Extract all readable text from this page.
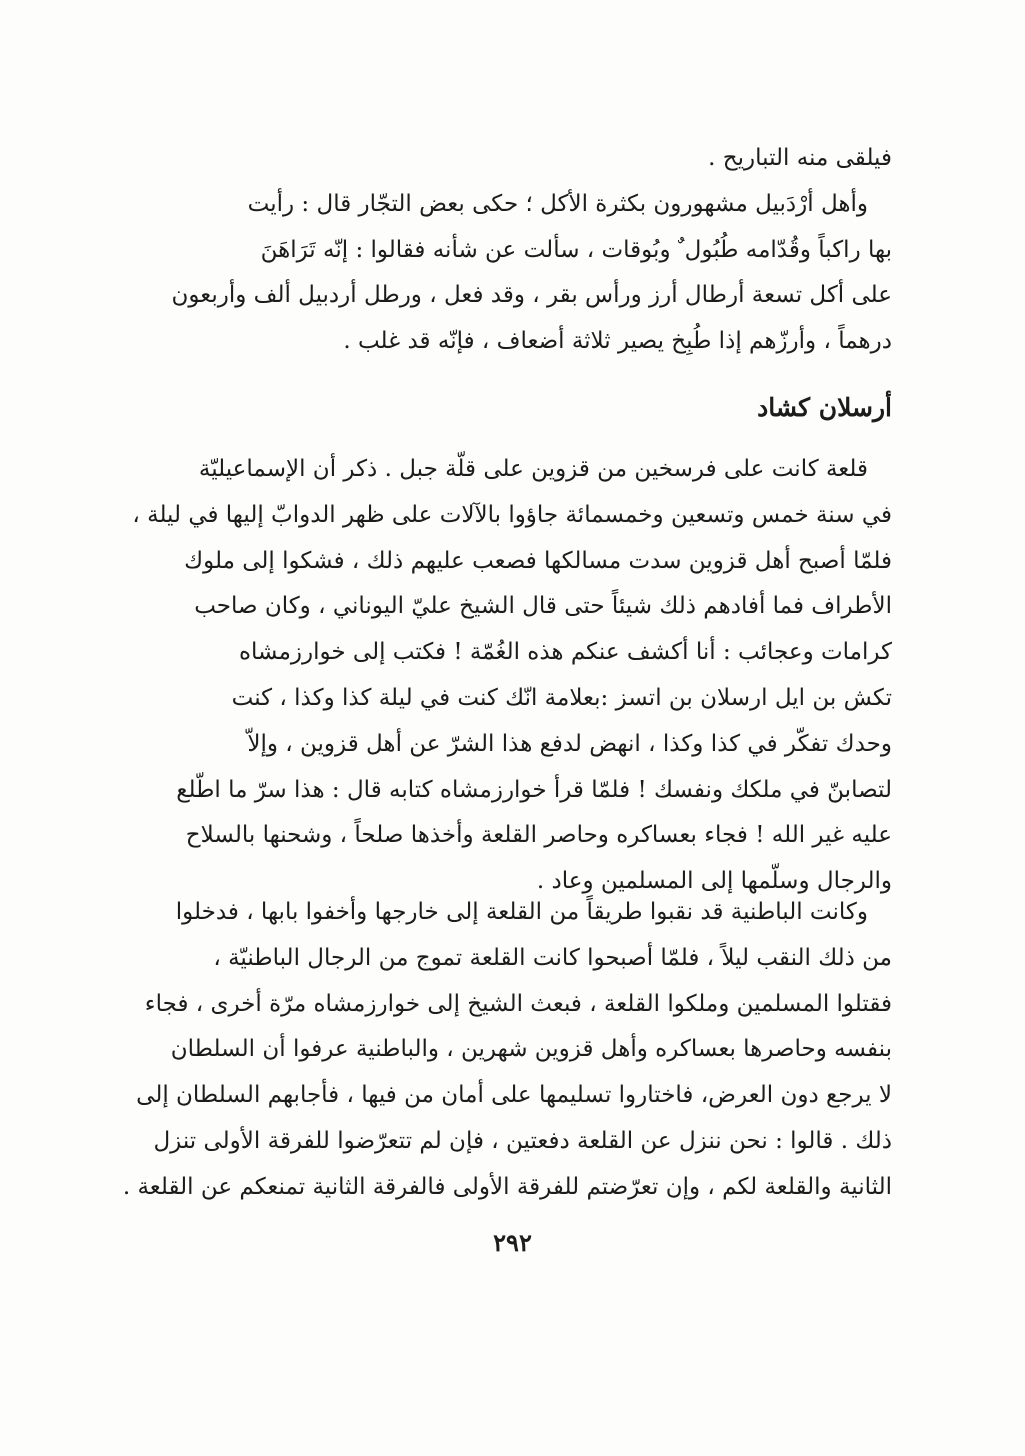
فيلقى منه التباريح .
وأهل أرْدَبيل مشهورون بكثرة الأكل ؛ حكى بعض التجّار قال : رأيت
بها راكباً وقُدّامه طُبُول ٌ وبُوقات ، سألت عن شأنه فقالوا : إنّه تَرَاهَنَ
على أكل تسعة أرطال أرز ورأس بقر ، وقد فعل ، ورطل أردبيل ألف وأربعون
درهماً ، وأرزّهم إذا طُبِخ يصير ثلاثة أضعاف ، فإنّه قد غلب .
أرسلان كشاد
قلعة كانت على فرسخين من قزوين على قلّة جبل . ذكر أن الإسماعيليّة
في سنة خمس وتسعين وخمسمائة جاؤوا بالآلات على ظهر الدوابّ إليها في ليلة ،
فلمّا أصبح أهل قزوين سدت مسالكها فصعب عليهم ذلك ، فشكوا إلى ملوك
الأطراف فما أفادهم ذلك شيئاً حتى قال الشيخ عليّ اليوناني ، وكان صاحب
كرامات وعجائب : أنا أكشف عنكم هذه الغُمّة ! فكتب إلى خوارزمشاه
تكش بن ايل ارسلان بن اتسز :بعلامة انّك كنت في ليلة كذا وكذا ، كنت
وحدك تفكّر في كذا وكذا ، انهض لدفع هذا الشرّ عن أهل قزوين ، وإلاّ
لتصابنّ في ملكك ونفسك ! فلمّا قرأ خوارزمشاه كتابه قال : هذا سرّ ما اطّلع
عليه غير الله ! فجاء بعساكره وحاصر القلعة وأخذها صلحاً ، وشحنها بالسلاح
والرجال وسلّمها إلى المسلمين وعاد .
وكانت الباطنية قد نقبوا طريقاً من القلعة إلى خارجها وأخفوا بابها ، فدخلوا
من ذلك النقب ليلاً ، فلمّا أصبحوا كانت القلعة تموج من الرجال الباطنيّة ،
فقتلوا المسلمين وملكوا القلعة ، فبعث الشيخ إلى خوارزمشاه مرّة أخرى ، فجاء
بنفسه وحاصرها بعساكره وأهل قزوين شهرين ، والباطنية عرفوا أن السلطان
لا يرجع دون العرض، فاختاروا تسليمها على أمان من فيها ، فأجابهم السلطان إلى
ذلك . قالوا : نحن ننزل عن القلعة دفعتين ، فإن لم تتعرّضوا للفرقة الأولى تنزل
الثانية والقلعة لكم ، وإن تعرّضتم للفرقة الأولى فالفرقة الثانية تمنعكم عن القلعة .
٢٩٢
